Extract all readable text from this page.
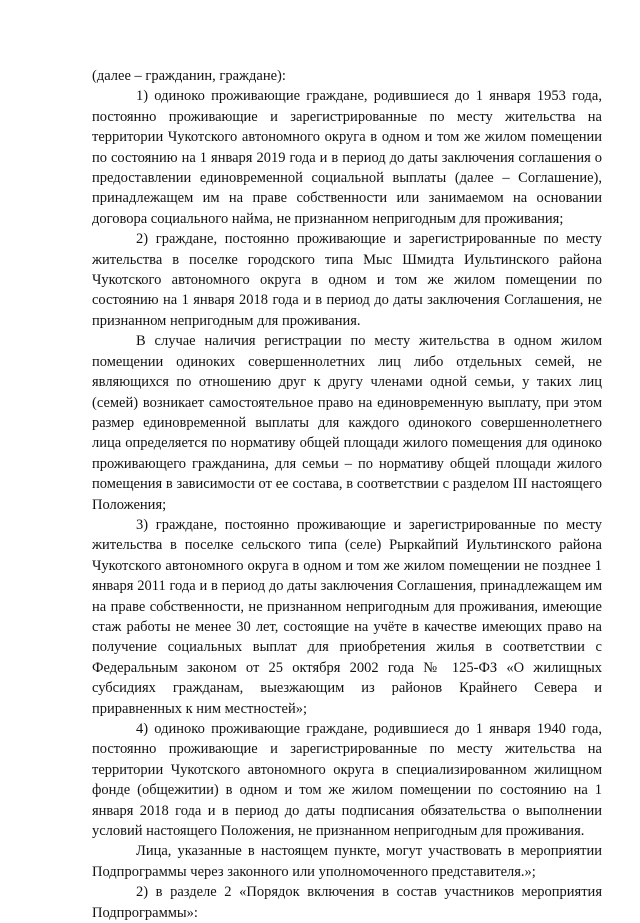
(далее – гражданин, граждане):

1) одиноко проживающие граждане, родившиеся до 1 января 1953 года, постоянно проживающие и зарегистрированные по месту жительства на территории Чукотского автономного округа в одном и том же жилом помещении по состоянию на 1 января 2019 года и в период до даты заключения соглашения о предоставлении единовременной социальной выплаты (далее – Соглашение), принадлежащем им на праве собственности или занимаемом на основании договора социального найма, не признанном непригодным для проживания;

2) граждане, постоянно проживающие и зарегистрированные по месту жительства в поселке городского типа Мыс Шмидта Иультинского района Чукотского автономного округа в одном и том же жилом помещении по состоянию на 1 января 2018 года и в период до даты заключения Соглашения, не признанном непригодным для проживания.

В случае наличия регистрации по месту жительства в одном жилом помещении одиноких совершеннолетних лиц либо отдельных семей, не являющихся по отношению друг к другу членами одной семьи, у таких лиц (семей) возникает самостоятельное право на единовременную выплату, при этом размер единовременной выплаты для каждого одинокого совершеннолетнего лица определяется по нормативу общей площади жилого помещения для одиноко проживающего гражданина, для семьи – по нормативу общей площади жилого помещения в зависимости от ее состава, в соответствии с разделом III настоящего Положения;

3) граждане, постоянно проживающие и зарегистрированные по месту жительства в поселке сельского типа (селе) Рыркайпий Иультинского района Чукотского автономного округа в одном и том же жилом помещении не позднее 1 января 2011 года и в период до даты заключения Соглашения, принадлежащем им на праве собственности, не признанном непригодным для проживания, имеющие стаж работы не менее 30 лет, состоящие на учёте в качестве имеющих право на получение социальных выплат для приобретения жилья в соответствии с Федеральным законом от 25 октября 2002 года № 125-ФЗ «О жилищных субсидиях гражданам, выезжающим из районов Крайнего Севера и приравненных к ним местностей»;

4) одиноко проживающие граждане, родившиеся до 1 января 1940 года, постоянно проживающие и зарегистрированные по месту жительства на территории Чукотского автономного округа в специализированном жилищном фонде (общежитии) в одном и том же жилом помещении по состоянию на 1 января 2018 года и в период до даты подписания обязательства о выполнении условий настоящего Положения, не признанном непригодным для проживания.

Лица, указанные в настоящем пункте, могут участвовать в мероприятии Подпрограммы через законного или уполномоченного представителя.»;

2) в разделе 2 «Порядок включения в состав участников мероприятия Подпрограммы»:
